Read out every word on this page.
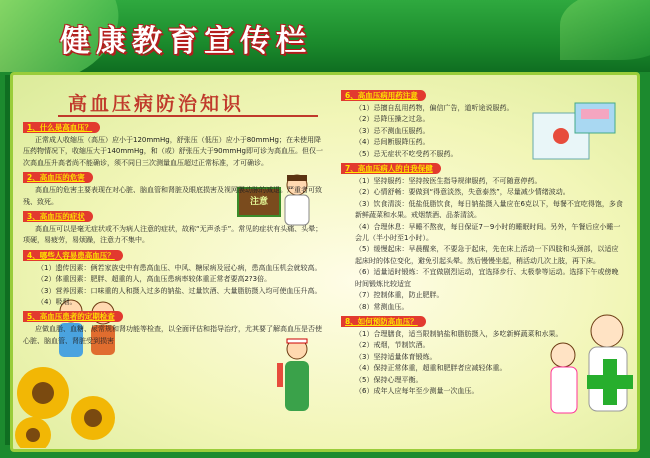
健康教育宣传栏
高血压病防治知识
注意
1、什么是高血压？
正常成人收缩压（高压）应小于120mmHg，舒张压（低压）应小于80mmHg；在未使用降压药物情况下，收缩压大于140mmHg，和（或）舒张压大于90mmHg即可诊为高血压。但仅一次高血压升高者尚不能确诊，须不同日三次测量血压超过正常标准，才可确诊。
2、高血压的危害
高血压的危害主要表现在对心脏、脑血管和肾脏及眼底损害及视网膜动脉的减退。严重者可致残、致死。
3、高血压的症状
高血压可以是毫无症状或不为病人注意的症状，故称“无声杀手”。常见的症状有头痛、头晕；项硬，易疲劳，易烦躁，注意力不集中。
4、哪些人容易患高血压？
（1）遗传因素：俩若家族史中有患高血压、中风、糖尿病及冠心病，患高血压机会就较高。
（2）体重因素：肥胖、超重的人，高血压患病率较体重正常者要高2?3倍。
（3）营养因素：口味重的人和摄入过多的钠盐、过量饮酒、大量脂肪摄入均可使血压升高。
（4）吸烟。
5、高血压患者的定期检查
应做血脂、血糖、尿常规和肾功能等检查，以全面评估和指导治疗，尤其要了解高血压是否使心脏、脑血管、肾脏受到损害
6、高血压病用药注意
（1）忌擅自乱用药物，偏信广告，道听途说服药。
（2）忌降压操之过急。
（3）忌不测血压服药。
（4）忌间断服降压药。
（5）忌无症状不吃受药不服药。
7、高血压病人的自我保健
（1）坚持服药：坚持按医生指导规律服药，不可随意停药。
（2）心情舒畅：要做到“得意淡然，失意泰然”，尽量减少情绪波动。
（3）饮食清淡：低盐低脂饮食，每日钠盐摄入量应在6克以下，每餐不宜吃得饱，多食新鲜蔬菜和水果。戒烟禁酒、品茶清淡。
（4）合理休息：早睡不熬夜，每日保证7－9小时的睡眠时间。另外，午餐后应小睡一会儿（半小时至1小时）。
（5）缓慢起床：早晨醒来，不要急于起床，先在床上活动一下四肢和头颈部，以适应起床时的体位变化，避免引起头晕。然后慢慢坐起，稍活动几次上肢，再下床。
（6）适量适时锻炼：不宜做剧烈运动，宜选择步行、太极拳等运动。选择下午或傍晚时间锻炼比较适宜
（7）控制体重，防止肥胖。
（8）常测血压。
8、如何预防高血压？
（1）合理膳食，适当限制钠盐和脂肪摄入，多吃新鲜蔬菜和水果。
（2）戒烟，节制饮酒。
（3）坚持适量体育锻炼。
（4）保持正常体重，超重和肥胖者应减轻体重。
（5）保持心理平衡。
（6）成年人应每年至少测量一次血压。
